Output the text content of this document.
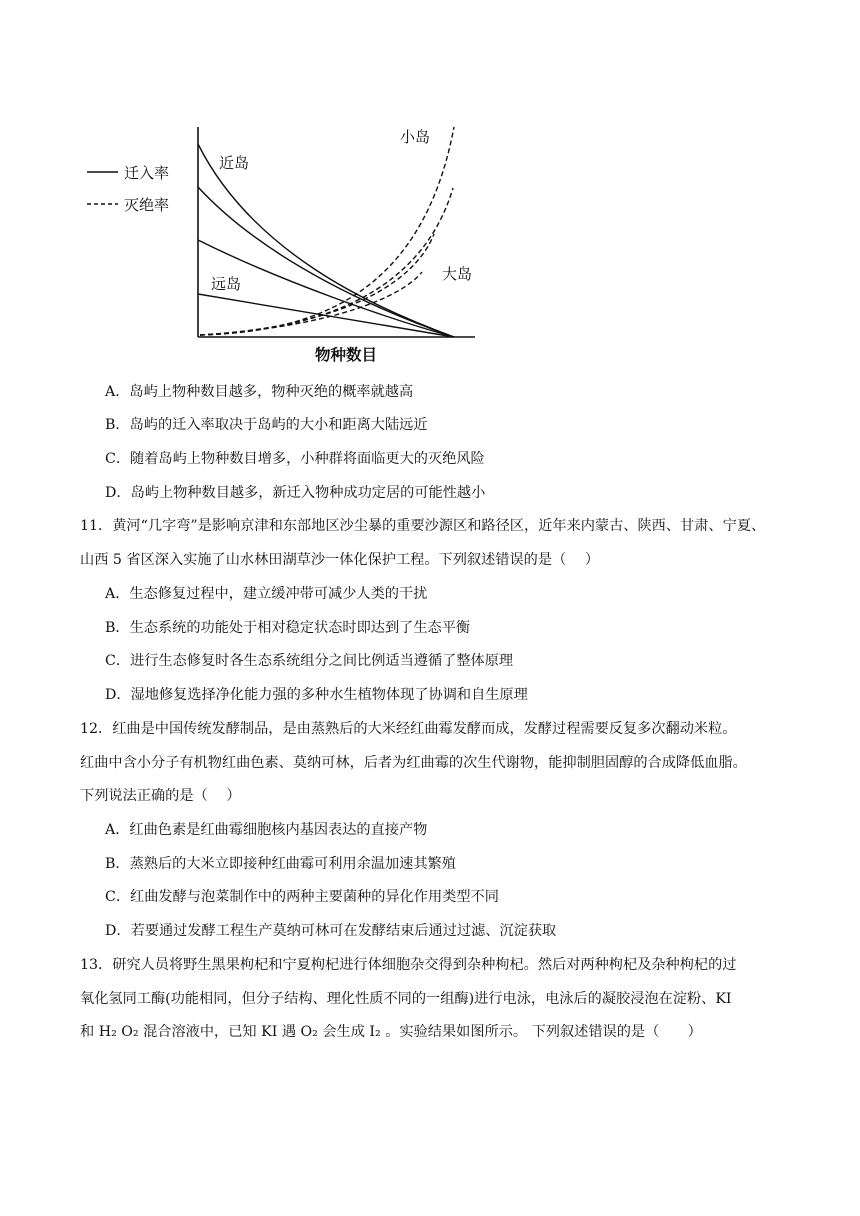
迁入率
灭绝率
近岛
远岛
小岛
大岛
物种数目
A．岛屿上物种数目越多，物种灭绝的概率就越高
B．岛屿的迁入率取决于岛屿的大小和距离大陆远近
C．随着岛屿上物种数目增多，小种群将面临更大的灭绝风险
D．岛屿上物种数目越多，新迁入物种成功定居的可能性越小
11．黄河“几字弯”是影响京津和东部地区沙尘暴的重要沙源区和路径区，近年来内蒙古、陕西、甘肃、宁夏、
山西 5 省区深入实施了山水林田湖草沙一体化保护工程。下列叙述错误的是（　 ）
A．生态修复过程中，建立缓冲带可减少人类的干扰
B．生态系统的功能处于相对稳定状态时即达到了生态平衡
C．进行生态修复时各生态系统组分之间比例适当遵循了整体原理
D．湿地修复选择净化能力强的多种水生植物体现了协调和自生原理
12．红曲是中国传统发酵制品，是由蒸熟后的大米经红曲霉发酵而成，发酵过程需要反复多次翻动米粒。
红曲中含小分子有机物红曲色素、莫纳可林，后者为红曲霉的次生代谢物，能抑制胆固醇的合成降低血脂。
下列说法正确的是（　 ）
A．红曲色素是红曲霉细胞核内基因表达的直接产物
B．蒸熟后的大米立即接种红曲霉可利用余温加速其繁殖
C．红曲发酵与泡菜制作中的两种主要菌种的异化作用类型不同
D．若要通过发酵工程生产莫纳可林可在发酵结束后通过过滤、沉淀获取
13．研究人员将野生黑果枸杞和宁夏枸杞进行体细胞杂交得到杂种枸杞。然后对两种枸杞及杂种枸杞的过
氧化氢同工酶(功能相同，但分子结构、理化性质不同的一组酶)进行电泳，电泳后的凝胶浸泡在淀粉、KI
和 H₂ O₂ 混合溶液中，已知 KI 遇 O₂ 会生成 I₂ 。实验结果如图所示。 下列叙述错误的是（　　）
